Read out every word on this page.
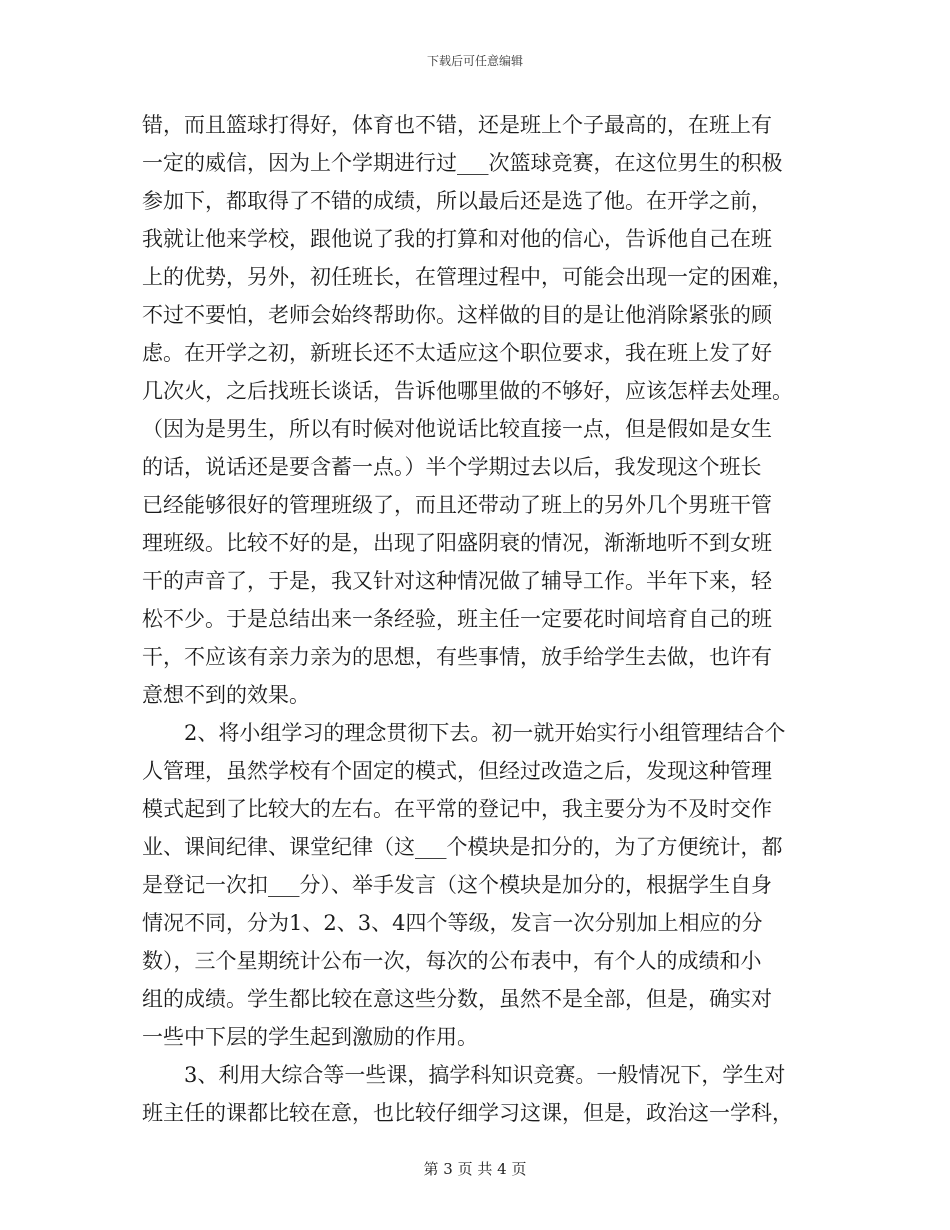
下载后可任意编辑
错，而且篮球打得好，体育也不错，还是班上个子最高的，在班上有
一定的威信，因为上个学期进行过___次篮球竞赛，在这位男生的积极
参加下，都取得了不错的成绩，所以最后还是选了他。在开学之前，
我就让他来学校，跟他说了我的打算和对他的信心，告诉他自己在班
上的优势，另外，初任班长，在管理过程中，可能会出现一定的困难，
不过不要怕，老师会始终帮助你。这样做的目的是让他消除紧张的顾
虑。在开学之初，新班长还不太适应这个职位要求，我在班上发了好
几次火，之后找班长谈话，告诉他哪里做的不够好，应该怎样去处理。
（因为是男生，所以有时候对他说话比较直接一点，但是假如是女生
的话，说话还是要含蓄一点。）半个学期过去以后，我发现这个班长
已经能够很好的管理班级了，而且还带动了班上的另外几个男班干管
理班级。比较不好的是，出现了阳盛阴衰的情况，渐渐地听不到女班
干的声音了，于是，我又针对这种情况做了辅导工作。半年下来，轻
松不少。于是总结出来一条经验，班主任一定要花时间培育自己的班
干，不应该有亲力亲为的思想，有些事情，放手给学生去做，也许有
意想不到的效果。
　　2、将小组学习的理念贯彻下去。初一就开始实行小组管理结合个
人管理，虽然学校有个固定的模式，但经过改造之后，发现这种管理
模式起到了比较大的左右。在平常的登记中，我主要分为不及时交作
业、课间纪律、课堂纪律（这___个模块是扣分的，为了方便统计，都
是登记一次扣___分）、举手发言（这个模块是加分的，根据学生自身
情况不同，分为1、2、3、4四个等级，发言一次分别加上相应的分
数），三个星期统计公布一次，每次的公布表中，有个人的成绩和小
组的成绩。学生都比较在意这些分数，虽然不是全部，但是，确实对
一些中下层的学生起到激励的作用。
　　3、利用大综合等一些课，搞学科知识竞赛。一般情况下，学生对
班主任的课都比较在意，也比较仔细学习这课，但是，政治这一学科，
第 3 页 共 4 页
